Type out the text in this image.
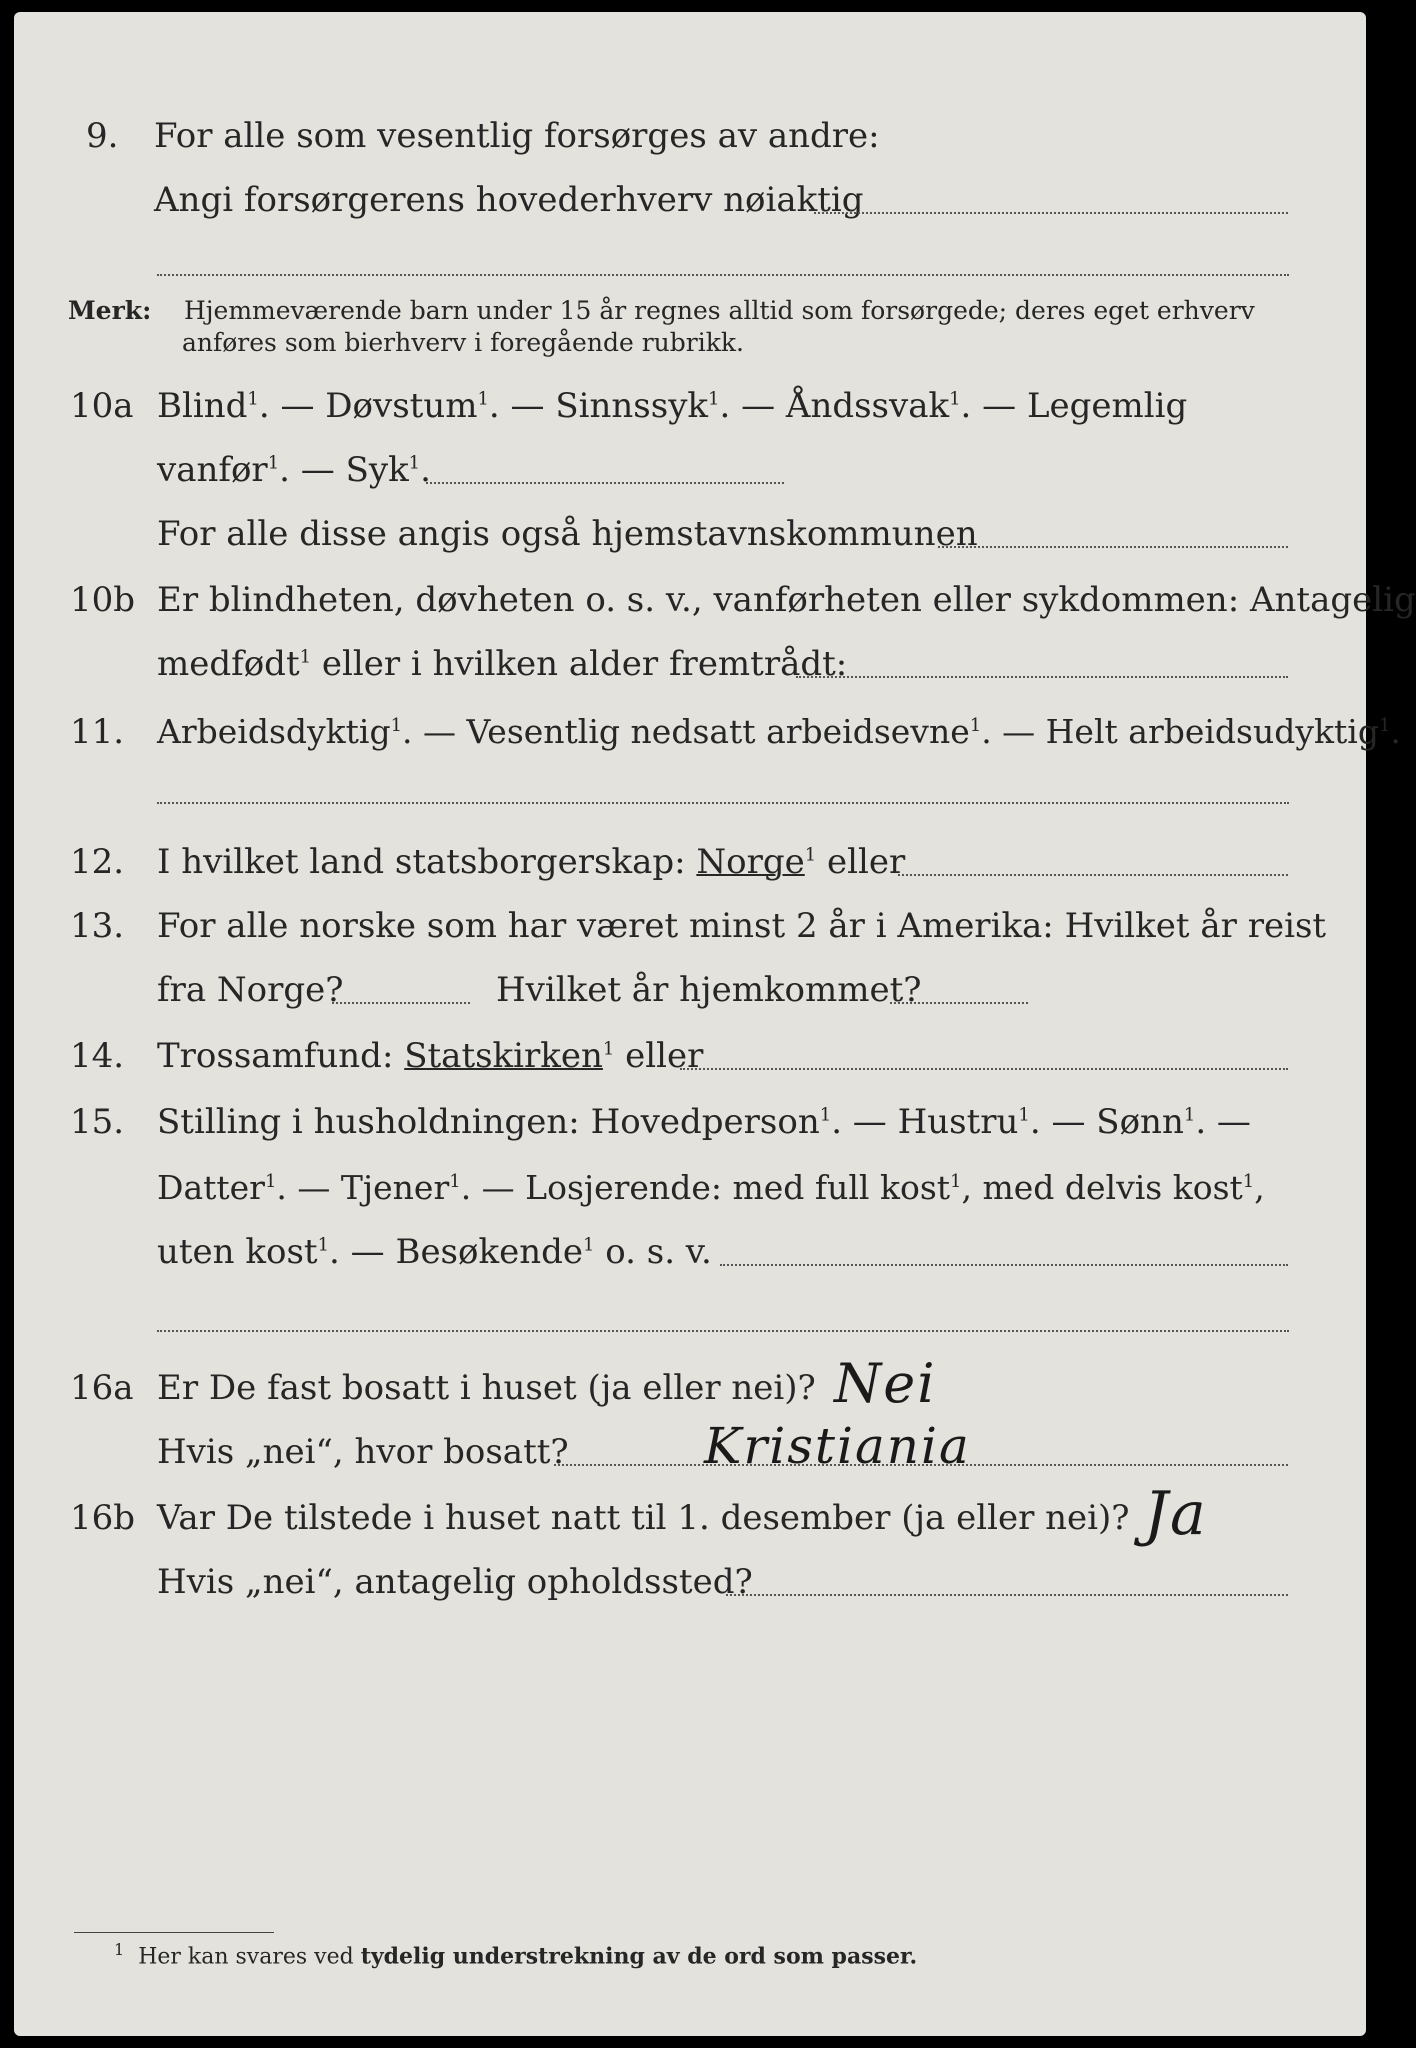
9. For alle som vesentlig forsørges av andre:
Angi forsørgerens hovederhverv nøiaktig
Merk: Hjemmeværende barn under 15 år regnes alltid som forsørgede; deres eget erhverv
anføres som bierhverv i foregående rubrikk.
10a Blind$^1$. — Døvstum$^1$. — Sinnssyk$^1$. — Åndssvak$^1$. — Legemlig
vanfør$^1$. — Syk$^1$.
For alle disse angis også hjemstavnskommunen
10b Er blindheten, døvheten o. s. v., vanførheten eller sykdommen: Antagelig
medfødt$^1$ eller i hvilken alder fremtrådt:
11. Arbeidsdyktig$^1$. — Vesentlig nedsatt arbeidsevne$^1$. — Helt arbeidsudyktig$^1$.
12. I hvilket land statsborgerskap: Norge$^1$ eller
13. For alle norske som har været minst 2 år i Amerika: Hvilket år reist
fra Norge?	Hvilket år hjemkommet?
14. Trossamfund: Statskirken$^1$ eller
15. Stilling i husholdningen: Hovedperson$^1$. — Hustru$^1$. — Sønn$^1$. —
Datter$^1$. — Tjener$^1$. — Losjerende: med full kost$^1$, med delvis kost$^1$,
uten kost$^1$. — Besøkende$^1$ o. s. v.
16a Er De fast bosatt i huset (ja eller nei)? Nei
Hvis „nei“, hvor bosatt?	Kristiania
16b Var De tilstede i huset natt til 1. desember (ja eller nei)? Ja
Hvis „nei“, antagelig opholdssted?
$^1$ Her kan svares ved tydelig understrekning av de ord som passer.
